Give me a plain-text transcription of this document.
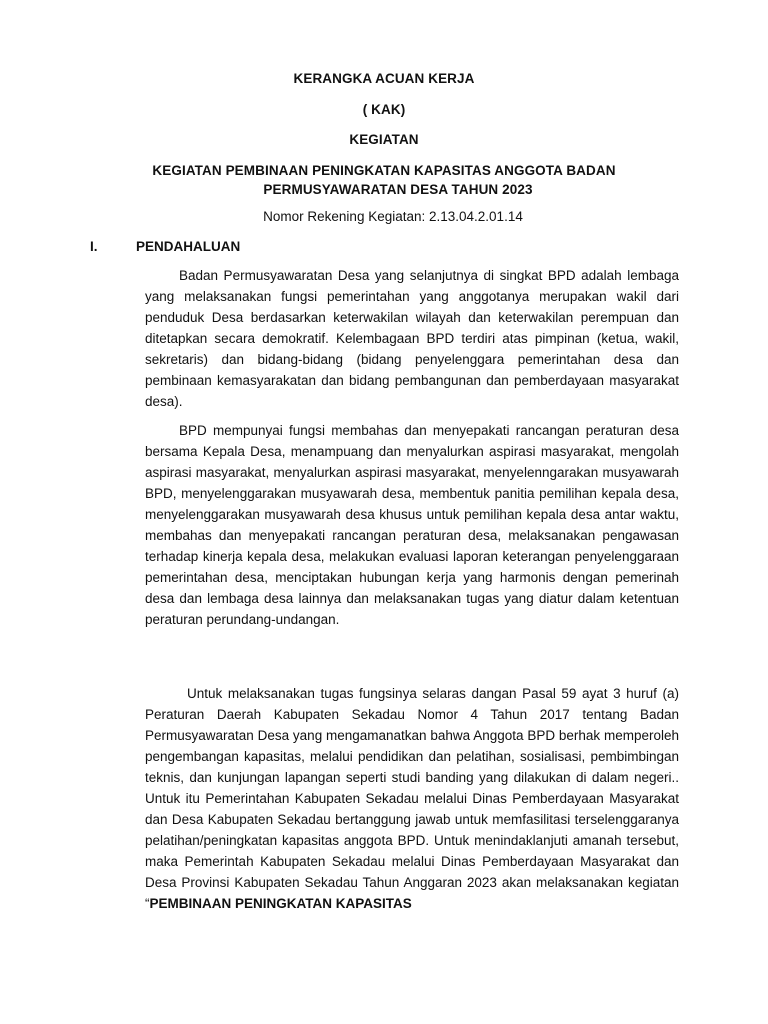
KERANGKA ACUAN KERJA
( KAK)
KEGIATAN
KEGIATAN PEMBINAAN PENINGKATAN KAPASITAS ANGGOTA BADAN
PERMUSYAWARATAN DESA TAHUN 2023
Nomor Rekening Kegiatan: 2.13.04.2.01.14
I.	PENDAHALUAN

Badan Permusyawaratan Desa yang selanjutnya di singkat BPD adalah lembaga yang melaksanakan fungsi pemerintahan yang anggotanya merupakan wakil dari penduduk Desa berdasarkan keterwakilan wilayah dan keterwakilan perempuan dan ditetapkan secara demokratif. Kelembagaan BPD terdiri atas pimpinan (ketua, wakil, sekretaris) dan bidang-bidang (bidang penyelenggara pemerintahan desa dan pembinaan kemasyarakatan dan bidang pembangunan dan pemberdayaan masyarakat desa).

BPD mempunyai fungsi membahas dan menyepakati rancangan peraturan desa bersama Kepala Desa, menampuang dan menyalurkan aspirasi masyarakat, mengolah aspirasi masyarakat, menyalurkan aspirasi masyarakat, menyelenngarakan musyawarah BPD, menyelenggarakan musyawarah desa, membentuk panitia pemilihan kepala desa, menyelenggarakan musyawarah desa khusus untuk pemilihan kepala desa antar waktu, membahas dan menyepakati rancangan peraturan desa, melaksanakan pengawasan terhadap kinerja kepala desa, melakukan evaluasi laporan keterangan penyelenggaraan pemerintahan desa, menciptakan hubungan kerja yang harmonis dengan pemerinah desa dan lembaga desa lainnya dan melaksanakan tugas yang diatur dalam ketentuan peraturan perundang-undangan.

Untuk melaksanakan tugas fungsinya selaras dangan Pasal 59 ayat 3 huruf (a) Peraturan Daerah Kabupaten Sekadau Nomor 4 Tahun 2017 tentang Badan Permusyawaratan Desa yang mengamanatkan bahwa Anggota BPD berhak memperoleh pengembangan kapasitas, melalui pendidikan dan pelatihan, sosialisasi, pembimbingan teknis, dan kunjungan lapangan seperti studi banding yang dilakukan di dalam negeri.. Untuk itu Pemerintahan Kabupaten Sekadau melalui Dinas Pemberdayaan Masyarakat dan Desa Kabupaten Sekadau bertanggung jawab untuk memfasilitasi terselenggaranya pelatihan/peningkatan kapasitas anggota BPD. Untuk menindaklanjuti amanah tersebut, maka Pemerintah Kabupaten Sekadau melalui Dinas Pemberdayaan Masyarakat dan Desa Provinsi Kabupaten Sekadau Tahun Anggaran 2023 akan melaksanakan kegiatan “PEMBINAAN PENINGKATAN KAPASITAS
